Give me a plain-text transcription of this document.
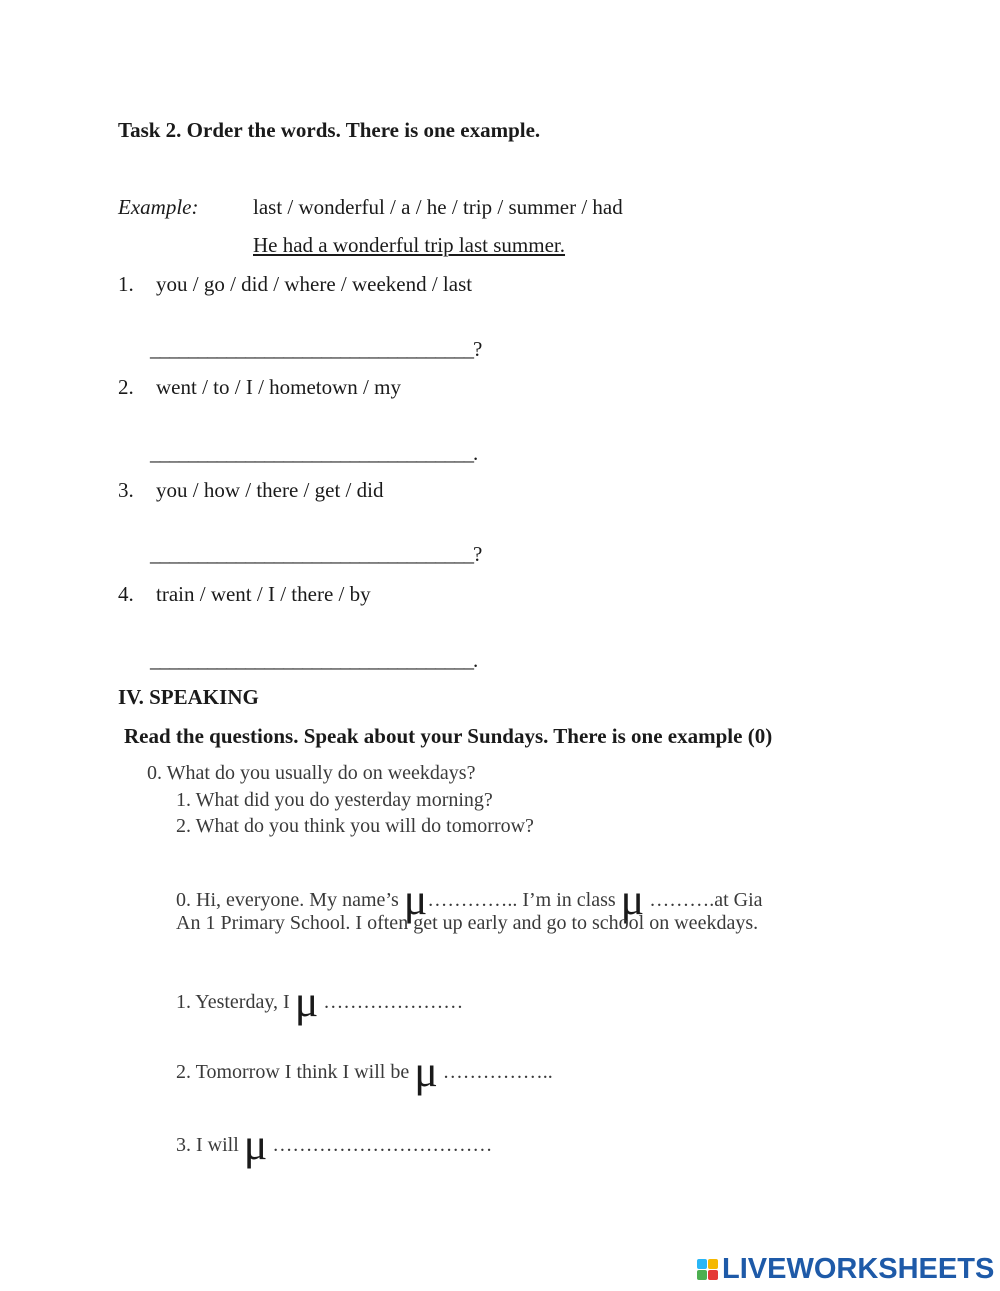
Task 2. Order the words. There is one example.
Example:	last / wonderful / a / he / trip / summer / had
He had a wonderful trip last summer.
1. you / go / did / where / weekend / last
__________________________________?
2. went / to / I / hometown / my
__________________________________.
3. you / how / there / get / did
__________________________________?
4. train / went / I / there / by
__________________________________.
IV. SPEAKING
Read the questions. Speak about your Sundays. There is one example (0)
0. What do you usually do on weekdays?
1. What did you do yesterday morning?
2. What do you think you will do tomorrow?
0. Hi, everyone. My name’s μ………….. I’m in class μ ……….at Gia
An 1 Primary School. I often get up early and go to school on weekdays.
1. Yesterday, I μ …………………
2. Tomorrow I think I will be μ ……………..
3. I will μ ……………………………
LIVEWORKSHEETS
